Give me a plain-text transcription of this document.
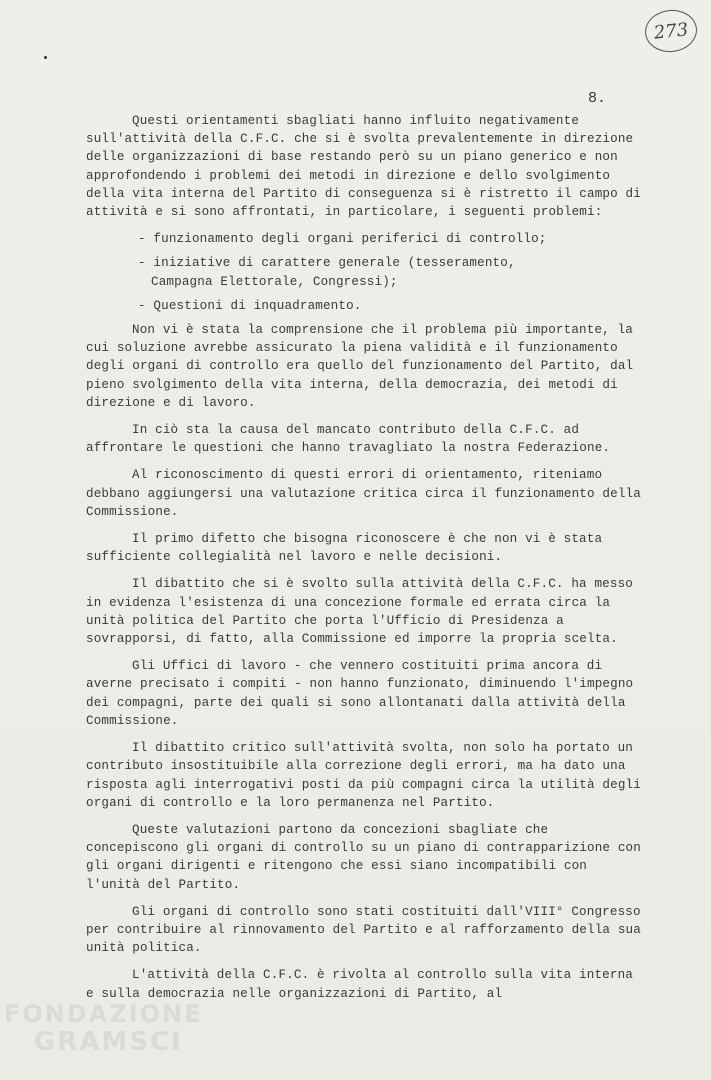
273
8.

Questi orientamenti sbagliati hanno influito negativamente sull'attività della C.F.C. che si è svolta prevalentemente in direzione delle organizzazioni di base restando però su un piano generico e non approfondendo i problemi dei metodi in direzione e dello svolgimento della vita interna del Partito di conseguenza si è ristretto il campo di attività e si sono affrontati, in particolare, i seguenti problemi:

- funzionamento degli organi periferici di controllo;
- iniziative di carattere generale (tesseramento,
Campagna Elettorale, Congressi);
- Questioni di inquadramento.

Non vi è stata la comprensione che il problema più importante, la cui soluzione avrebbe assicurato la piena validità e il funzionamento degli organi di controllo era quello del funzionamento del Partito, dal pieno svolgimento della vita interna, della democrazia, dei metodi di direzione e di lavoro.

In ciò sta la causa del mancato contributo della C.F.C. ad affrontare le questioni che hanno travagliato la nostra Federazione.

Al riconoscimento di questi errori di orientamento, riteniamo debbano aggiungersi una valutazione critica circa il funzionamento della Commissione.

Il primo difetto che bisogna riconoscere è che non vi è stata sufficiente collegialità nel lavoro e nelle decisioni.

Il dibattito che si è svolto sulla attività della C.F.C. ha messo in evidenza l'esistenza di una concezione formale ed errata circa la unità politica del Partito che porta l'Ufficio di Presidenza a sovrapporsi, di fatto, alla Commissione ed imporre la propria scelta.

Gli Uffici di lavoro - che vennero costituiti prima ancora di averne precisato i compiti - non hanno funzionato, diminuendo l'impegno dei compagni, parte dei quali si sono allontanati dalla attività della Commissione.

Il dibattito critico sull'attività svolta, non solo ha portato un contributo insostituibile alla correzione degli errori, ma ha dato una risposta agli interrogativi posti da più compagni circa la utilità degli organi di controllo e la loro permanenza nel Partito.

Queste valutazioni partono da concezioni sbagliate che concepiscono gli organi di controllo su un piano di contrapparizione con gli organi dirigenti e ritengono che essi siano incompatibili con l'unità del Partito.

Gli organi di controllo sono stati costituiti dall'VIII° Congresso per contribuire al rinnovamento del Partito e al rafforzamento della sua unità politica.

L'attività della C.F.C. è rivolta al controllo sulla vita interna e sulla democrazia nelle organizzazioni di Partito, al

FONDAZIONE
GRAMSCI
